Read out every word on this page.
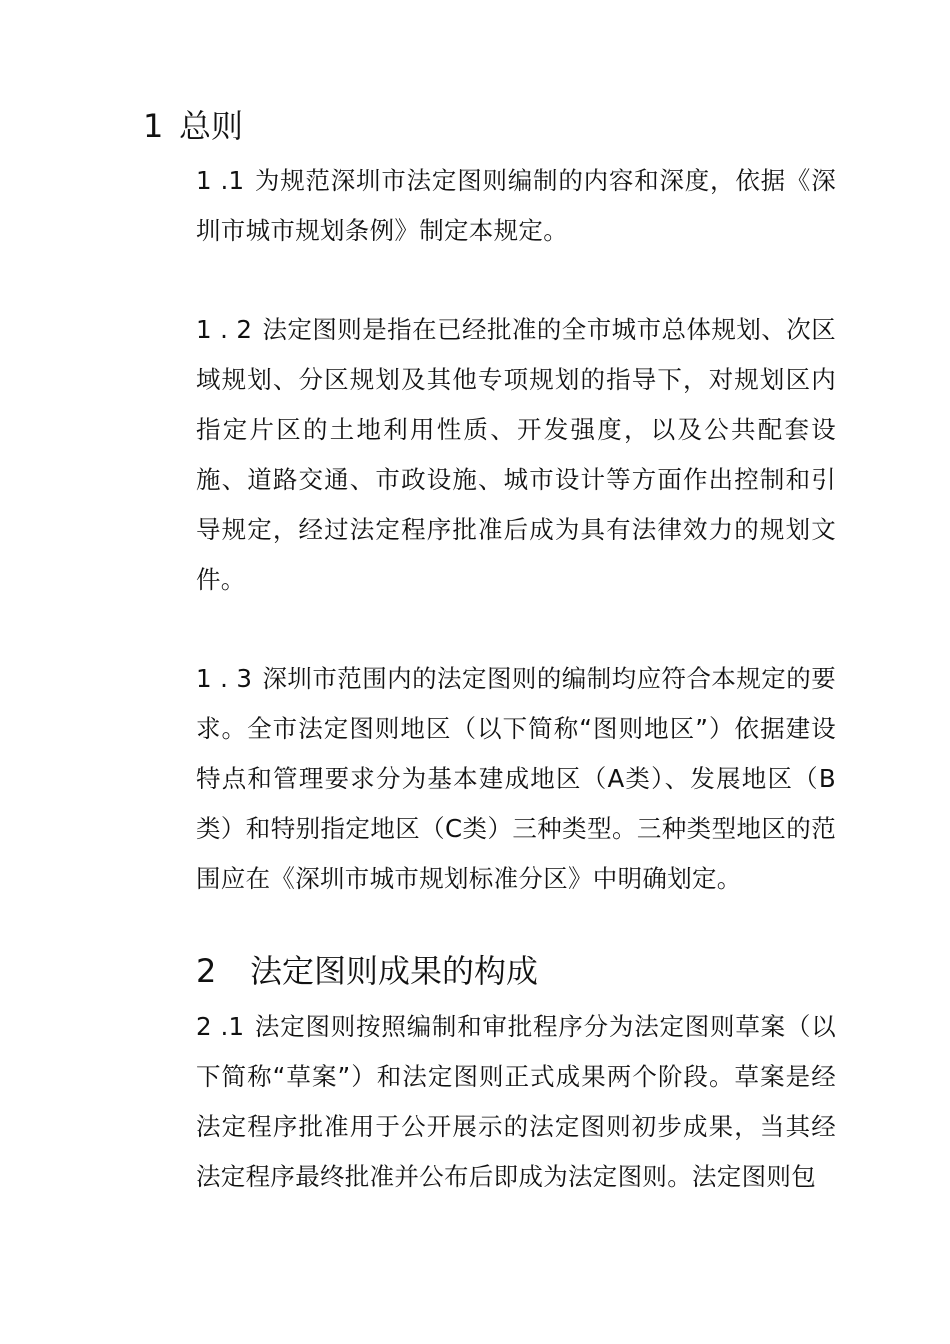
1 总则

1 .1 为规范深圳市法定图则编制的内容和深度，依据《深圳市城市规划条例》制定本规定。

1 . 2 法定图则是指在已经批准的全市城市总体规划、次区域规划、分区规划及其他专项规划的指导下，对规划区内指定片区的土地利用性质、开发强度，以及公共配套设施、道路交通、市政设施、城市设计等方面作出控制和引导规定，经过法定程序批准后成为具有法律效力的规划文件。

1 . 3 深圳市范围内的法定图则的编制均应符合本规定的要求。全市法定图则地区（以下简称“图则地区”）依据建设特点和管理要求分为基本建成地区（A类）、发展地区（B类）和特别指定地区（C类）三种类型。三种类型地区的范围应在《深圳市城市规划标准分区》中明确划定。

2 法定图则成果的构成

2 .1 法定图则按照编制和审批程序分为法定图则草案（以下简称“草案”）和法定图则正式成果两个阶段。草案是经法定程序批准用于公开展示的法定图则初步成果，当其经法定程序最终批准并公布后即成为法定图则。法定图则包
